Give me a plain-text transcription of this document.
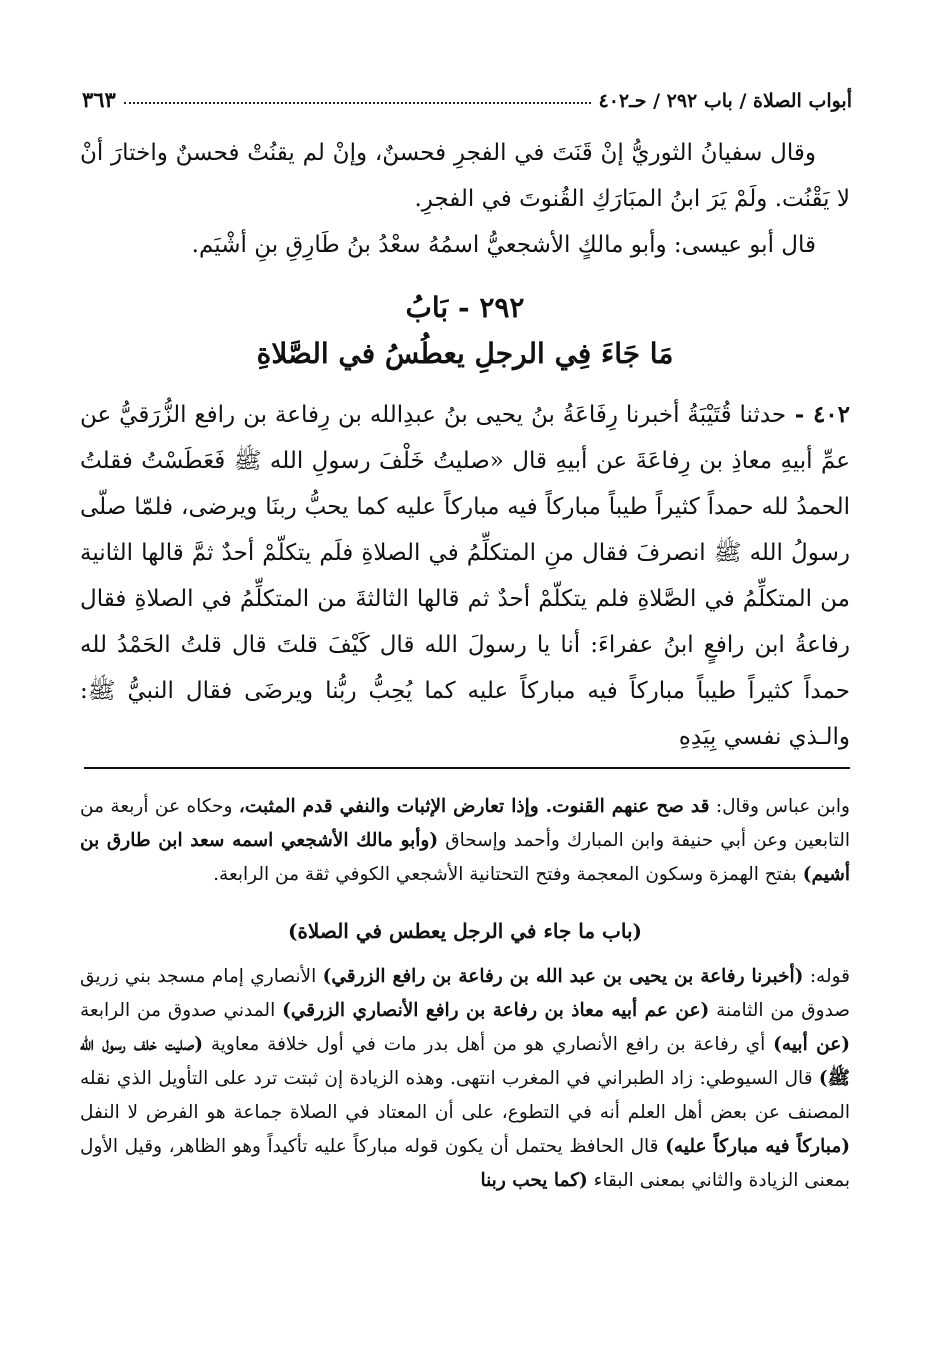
أبواب الصلاة / باب ٢٩٢ / حـ٤٠٢
٣٦٣

وقال سفيانُ الثوريُّ إنْ قَنَتَ في الفجرِ فحسنٌ، وإنْ لم يقنُتْ فحسنٌ واختارَ أنْ لا يَقْنُت. ولَمْ يَرَ ابنُ المبَارَكِ القُنوتَ في الفجرِ.

قال أبو عيسى: وأبو مالكٍ الأشجعيُّ اسمُهُ سعْدُ بنُ طَارِقِ بنِ أشْيَم.

٢٩٢ - بَابُ
مَا جَاءَ فِي الرجلِ يعطُسُ في الصَّلاةِ

٤٠٢ - حدثنا قُتَيْبَةُ أخبرنا رِفَاعَةُ بنُ يحيى بنُ عبدِالله بن رِفاعة بن رافع الزُّرَقيُّ عن عمِّ أبيهِ معاذِ بن رِفاعَةَ عن أبيهِ قال «صليتُ خَلْفَ رسولِ الله ﷺ فَعَطَسْتُ فقلتُ الحمدُ لله حمداً كثيراً طيباً مباركاً فيه مباركاً عليه كما يحبُّ ربنَا ويرضى، فلمّا صلّى رسولُ الله ﷺ انصرفَ فقال منِ المتكلِّمُ في الصلاةِ فلَم يتكلّمْ أحدٌ ثمَّ قالها الثانية من المتكلِّمُ في الصَّلاةِ فلم يتكلّمْ أحدٌ ثم قالها الثالثةَ من المتكلِّمُ في الصلاةِ فقال رفاعةُ ابن رافعٍ ابنُ عفراءَ: أنا يا رسولَ الله قال كَيْفَ قلتَ قال قلتُ الحَمْدُ لله حمداً كثيراً طيباً مباركاً فيه مباركاً عليه كما يُحِبُّ ربُّنا ويرضَى فقال النبيُّ ﷺ: والـذي نفسي بِيَدِهِ

وابن عباس وقال: قد صح عنهم القنوت. وإذا تعارض الإثبات والنفي قدم المثبت، وحكاه عن أربعة من التابعين وعن أبي حنيفة وابن المبارك وأحمد وإسحاق (وأبو مالك الأشجعي اسمه سعد ابن طارق بن أشيم) بفتح الهمزة وسكون المعجمة وفتح التحتانية الأشجعي الكوفي ثقة من الرابعة.

(باب ما جاء في الرجل يعطس في الصلاة)

قوله: (أخبرنا رفاعة بن يحيى بن عبد الله بن رفاعة بن رافع الزرقي) الأنصاري إمام مسجد بني زريق صدوق من الثامنة (عن عم أبيه معاذ بن رفاعة بن رافع الأنصاري الزرقي) المدني صدوق من الرابعة (عن أبيه) أي رفاعة بن رافع الأنصاري هو من أهل بدر مات في أول خلافة معاوية (صليت خلف رسول الله ﷺ) قال السيوطي: زاد الطبراني في المغرب انتهى. وهذه الزيادة إن ثبتت ترد على التأويل الذي نقله المصنف عن بعض أهل العلم أنه في التطوع، على أن المعتاد في الصلاة جماعة هو الفرض لا النفل (مباركاً فيه مباركاً عليه) قال الحافظ يحتمل أن يكون قوله مباركاً عليه تأكيداً وهو الظاهر، وقيل الأول بمعنى الزيادة والثاني بمعنى البقاء (كما يحب ربنا
